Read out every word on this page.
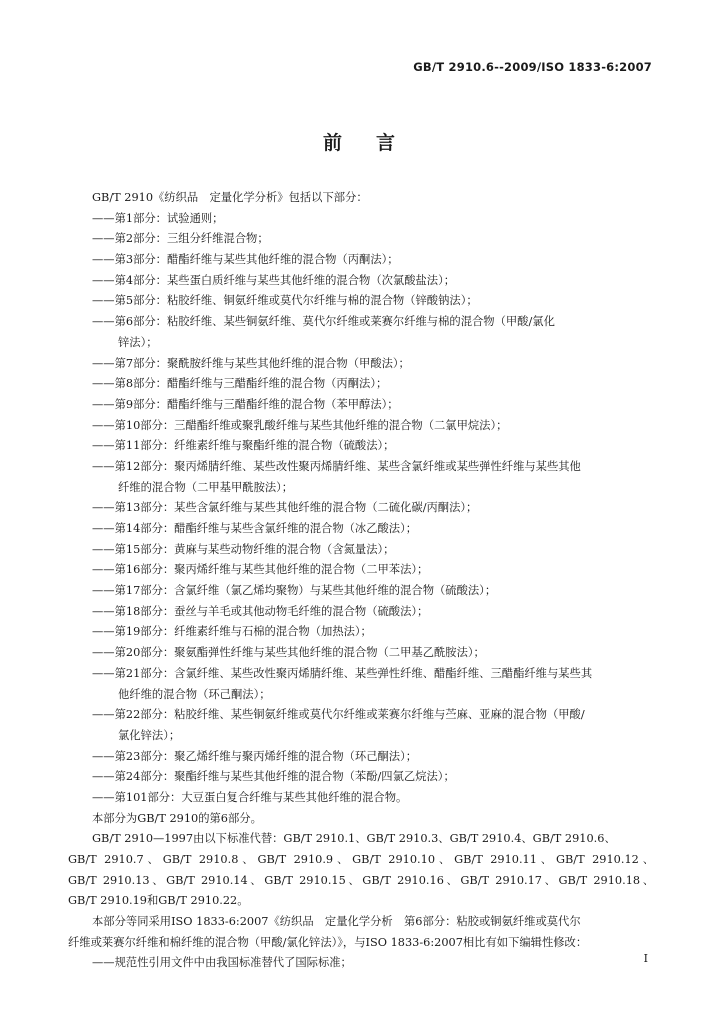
GB/T 2910.6--2009/ISO 1833-6:2007
前言
GB/T 2910《纺织品　定量化学分析》包括以下部分：
——第1部分：试验通则；
——第2部分：三组分纤维混合物；
——第3部分：醋酯纤维与某些其他纤维的混合物（丙酮法）；
——第4部分：某些蛋白质纤维与某些其他纤维的混合物（次氯酸盐法）；
——第5部分：粘胶纤维、铜氨纤维或莫代尔纤维与棉的混合物（锌酸钠法）；
——第6部分：粘胶纤维、某些铜氨纤维、莫代尔纤维或莱赛尔纤维与棉的混合物（甲酸/氯化
锌法）；
——第7部分：聚酰胺纤维与某些其他纤维的混合物（甲酸法）；
——第8部分：醋酯纤维与三醋酯纤维的混合物（丙酮法）；
——第9部分：醋酯纤维与三醋酯纤维的混合物（苯甲醇法）；
——第10部分：三醋酯纤维或聚乳酸纤维与某些其他纤维的混合物（二氯甲烷法）；
——第11部分：纤维素纤维与聚酯纤维的混合物（硫酸法）；
——第12部分：聚丙烯腈纤维、某些改性聚丙烯腈纤维、某些含氯纤维或某些弹性纤维与某些其他
纤维的混合物（二甲基甲酰胺法）；
——第13部分：某些含氯纤维与某些其他纤维的混合物（二硫化碳/丙酮法）；
——第14部分：醋酯纤维与某些含氯纤维的混合物（冰乙酸法）；
——第15部分：黄麻与某些动物纤维的混合物（含氮量法）；
——第16部分：聚丙烯纤维与某些其他纤维的混合物（二甲苯法）；
——第17部分：含氯纤维（氯乙烯均聚物）与某些其他纤维的混合物（硫酸法）；
——第18部分：蚕丝与羊毛或其他动物毛纤维的混合物（硫酸法）；
——第19部分：纤维素纤维与石棉的混合物（加热法）；
——第20部分：聚氨酯弹性纤维与某些其他纤维的混合物（二甲基乙酰胺法）；
——第21部分：含氯纤维、某些改性聚丙烯腈纤维、某些弹性纤维、醋酯纤维、三醋酯纤维与某些其
他纤维的混合物（环己酮法）；
——第22部分：粘胶纤维、某些铜氨纤维或莫代尔纤维或莱赛尔纤维与苎麻、亚麻的混合物（甲酸/
氯化锌法）；
——第23部分：聚乙烯纤维与聚丙烯纤维的混合物（环己酮法）；
——第24部分：聚酯纤维与某些其他纤维的混合物（苯酚/四氯乙烷法）；
——第101部分：大豆蛋白复合纤维与某些其他纤维的混合物。
本部分为GB/T 2910的第6部分。
GB/T 2910—1997由以下标准代替：GB/T 2910.1、GB/T 2910.3、GB/T 2910.4、GB/T 2910.6、
GB/T 2910.7、GB/T 2910.8、GB/T 2910.9、GB/T 2910.10、GB/T 2910.11、GB/T 2910.12、
GB/T 2910.13、GB/T 2910.14、GB/T 2910.15、GB/T 2910.16、GB/T 2910.17、GB/T 2910.18、
GB/T 2910.19和GB/T 2910.22。
本部分等同采用ISO 1833-6:2007《纺织品　定量化学分析　第6部分：粘胶或铜氨纤维或莫代尔
纤维或莱赛尔纤维和棉纤维的混合物（甲酸/氯化锌法）》，与ISO 1833-6:2007相比有如下编辑性修改：
——规范性引用文件中由我国标准替代了国际标准；	Ⅰ
